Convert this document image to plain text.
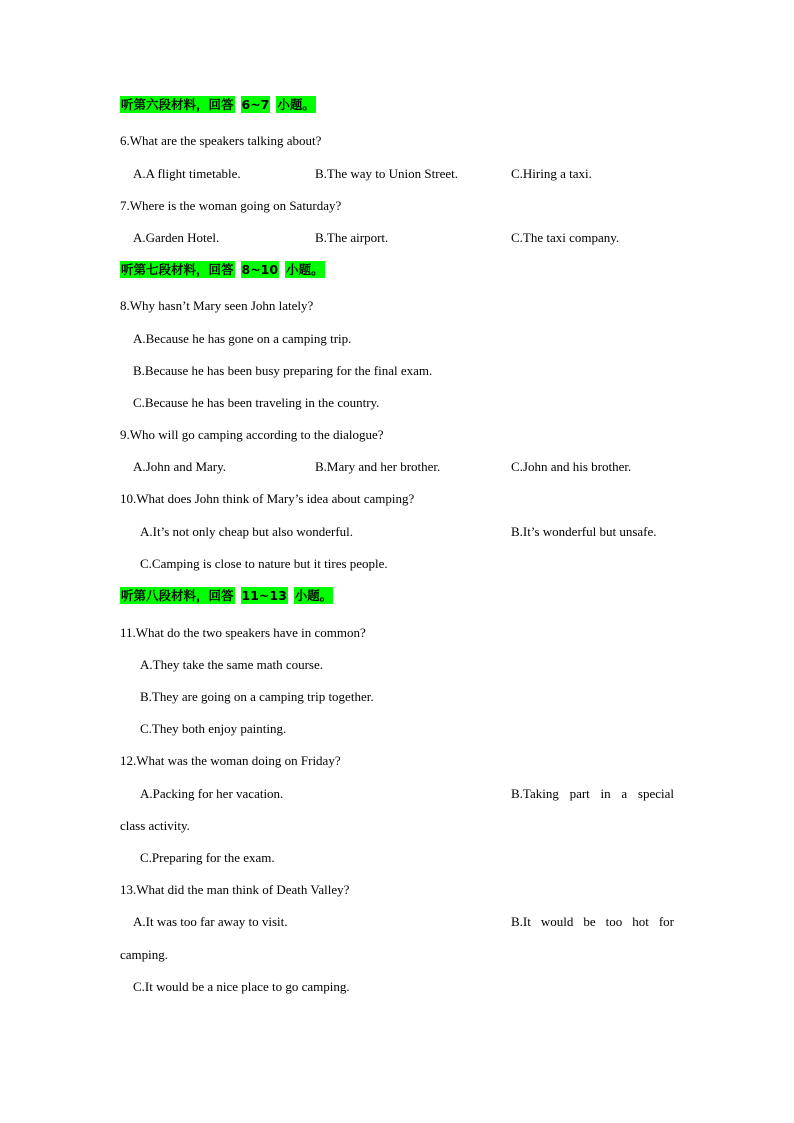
听第六段材料，回答 6~7 小题。
6.What are the speakers talking about?
A.A flight timetable.	B.The way to Union Street.	C.Hiring a taxi.
7.Where is the woman going on Saturday?
A.Garden Hotel.	B.The airport.	C.The taxi company.
听第七段材料，回答 8~10 小题。
8.Why hasn’t Mary seen John lately?
A.Because he has gone on a camping trip.
B.Because he has been busy preparing for the final exam.
C.Because he has been traveling in the country.
9.Who will go camping according to the dialogue?
A.John and Mary.	B.Mary and her brother.	C.John and his brother.
10.What does John think of Mary’s idea about camping?
A.It’s not only cheap but also wonderful.	B.It’s wonderful but unsafe.
C.Camping is close to nature but it tires people.
听第八段材料，回答 11~13 小题。
11.What do the two speakers have in common?
A.They take the same math course.
B.They are going on a camping trip together.
C.They both enjoy painting.
12.What was the woman doing on Friday?
A.Packing for her vacation.	B.Taking part in a special
class activity.
C.Preparing for the exam.
13.What did the man think of Death Valley?
A.It was too far away to visit.	B.It would be too hot for
camping.
C.It would be a nice place to go camping.
